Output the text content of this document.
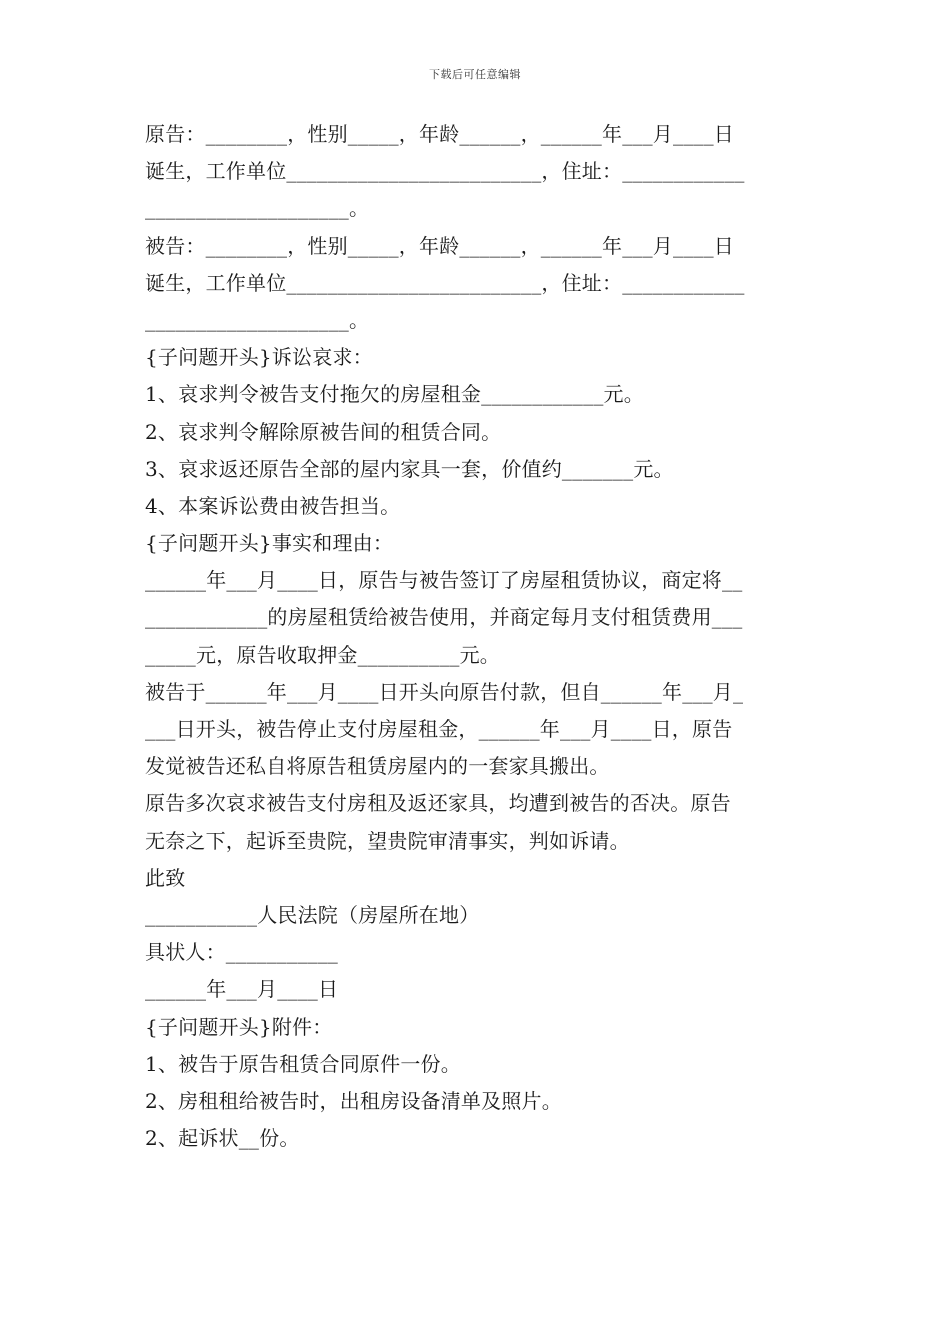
下载后可任意编辑
原告：________，性别_____，年龄______，______年___月____日
诞生，工作单位_________________________，住址：____________
____________________。
被告：________，性别_____，年龄______，______年___月____日
诞生，工作单位_________________________，住址：____________
____________________。
{子问题开头}诉讼哀求：
1、哀求判令被告支付拖欠的房屋租金____________元。
2、哀求判令解除原被告间的租赁合同。
3、哀求返还原告全部的屋内家具一套，价值约_______元。
4、本案诉讼费由被告担当。
{子问题开头}事实和理由：
______年___月____日，原告与被告签订了房屋租赁协议，商定将__
____________的房屋租赁给被告使用，并商定每月支付租赁费用___
_____元，原告收取押金__________元。
被告于______年___月____日开头向原告付款，但自______年___月_
___日开头，被告停止支付房屋租金，______年___月____日，原告
发觉被告还私自将原告租赁房屋内的一套家具搬出。
原告多次哀求被告支付房租及返还家具，均遭到被告的否决。原告
无奈之下，起诉至贵院，望贵院审清事实，判如诉请。
此致
___________人民法院（房屋所在地）
具状人：___________
______年___月____日
{子问题开头}附件：
1、被告于原告租赁合同原件一份。
2、房租租给被告时，出租房设备清单及照片。
2、起诉状__份。
